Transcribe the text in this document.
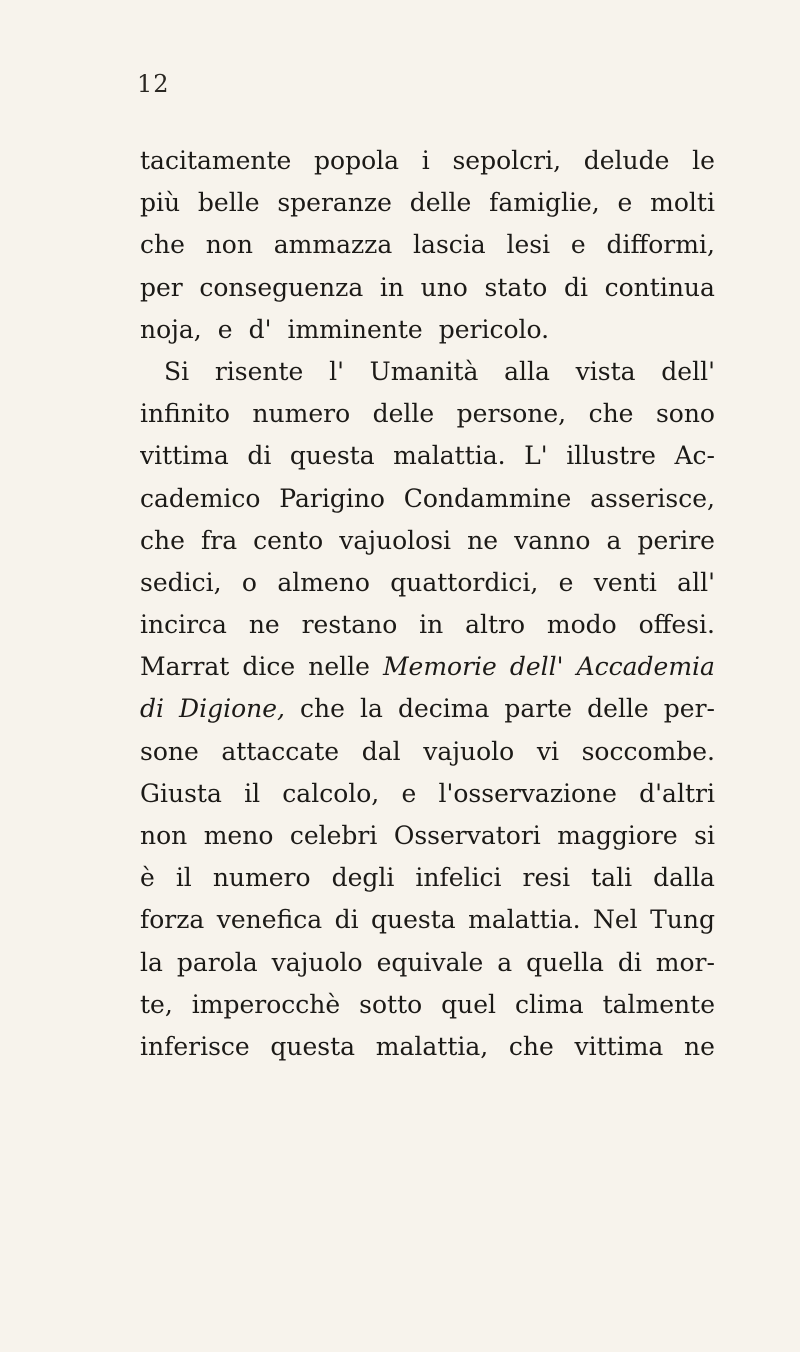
12
tacitamente popola i sepolcri, delude le
più belle speranze delle famiglie, e molti
che non ammazza lascia lesi e difformi,
per conseguenza in uno stato di continua
noja, e d' imminente pericolo.
Si risente l' Umanità alla vista dell'
infinito numero delle persone, che sono
vittima di questa malattia. L' illustre Ac-
cademico Parigino Condammine asserisce,
che fra cento vajuolosi ne vanno a perire
sedici, o almeno quattordici, e venti all'
incirca ne restano in altro modo offesi.
Marrat dice nelle Memorie dell' Accademia
di Digione, che la decima parte delle per-
sone attaccate dal vajuolo vi soccombe.
Giusta il calcolo, e l'osservazione d'altri
non meno celebri Osservatori maggiore si
è il numero degli infelici resi tali dalla
forza venefica di questa malattia. Nel Tung
la parola vajuolo equivale a quella di mor-
te, imperocchè sotto quel clima talmente
inferisce questa malattia, che vittima ne
